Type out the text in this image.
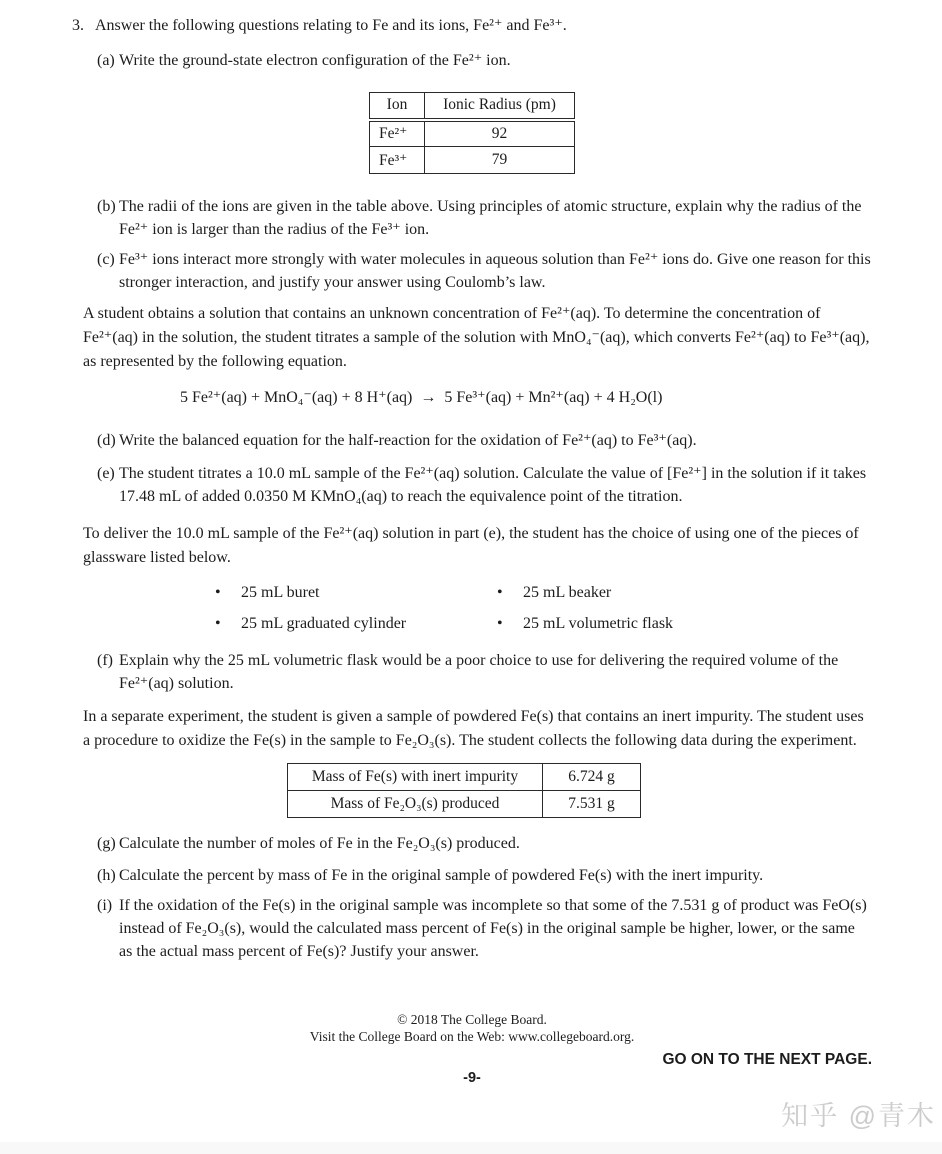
3. Answer the following questions relating to Fe and its ions, Fe²⁺ and Fe³⁺.
(a) Write the ground-state electron configuration of the Fe²⁺ ion.
Ion	Ionic Radius (pm)
Fe²⁺	92
Fe³⁺	79
(b) The radii of the ions are given in the table above. Using principles of atomic structure, explain why the radius of the Fe²⁺ ion is larger than the radius of the Fe³⁺ ion.
(c) Fe³⁺ ions interact more strongly with water molecules in aqueous solution than Fe²⁺ ions do. Give one reason for this stronger interaction, and justify your answer using Coulomb’s law.
A student obtains a solution that contains an unknown concentration of Fe²⁺(aq). To determine the concentration of Fe²⁺(aq) in the solution, the student titrates a sample of the solution with MnO₄⁻(aq), which converts Fe²⁺(aq) to Fe³⁺(aq), as represented by the following equation.
5 Fe²⁺(aq) + MnO₄⁻(aq) + 8 H⁺(aq)  →  5 Fe³⁺(aq) + Mn²⁺(aq) + 4 H₂O(l)
(d) Write the balanced equation for the half-reaction for the oxidation of Fe²⁺(aq) to Fe³⁺(aq).
(e) The student titrates a 10.0 mL sample of the Fe²⁺(aq) solution. Calculate the value of [Fe²⁺] in the solution if it takes 17.48 mL of added 0.0350 M KMnO₄(aq) to reach the equivalence point of the titration.
To deliver the 10.0 mL sample of the Fe²⁺(aq) solution in part (e), the student has the choice of using one of the pieces of glassware listed below.
•	25 mL buret	•	25 mL beaker
•	25 mL graduated cylinder	•	25 mL volumetric flask
(f) Explain why the 25 mL volumetric flask would be a poor choice to use for delivering the required volume of the Fe²⁺(aq) solution.
In a separate experiment, the student is given a sample of powdered Fe(s) that contains an inert impurity. The student uses a procedure to oxidize the Fe(s) in the sample to Fe₂O₃(s). The student collects the following data during the experiment.
Mass of Fe(s) with inert impurity	6.724 g
Mass of Fe₂O₃(s) produced	7.531 g
(g) Calculate the number of moles of Fe in the Fe₂O₃(s) produced.
(h) Calculate the percent by mass of Fe in the original sample of powdered Fe(s) with the inert impurity.
(i) If the oxidation of the Fe(s) in the original sample was incomplete so that some of the 7.531 g of product was FeO(s) instead of Fe₂O₃(s), would the calculated mass percent of Fe(s) in the original sample be higher, lower, or the same as the actual mass percent of Fe(s)? Justify your answer.
© 2018 The College Board.
Visit the College Board on the Web: www.collegeboard.org.
GO ON TO THE NEXT PAGE.
-9-
知乎 @青木
